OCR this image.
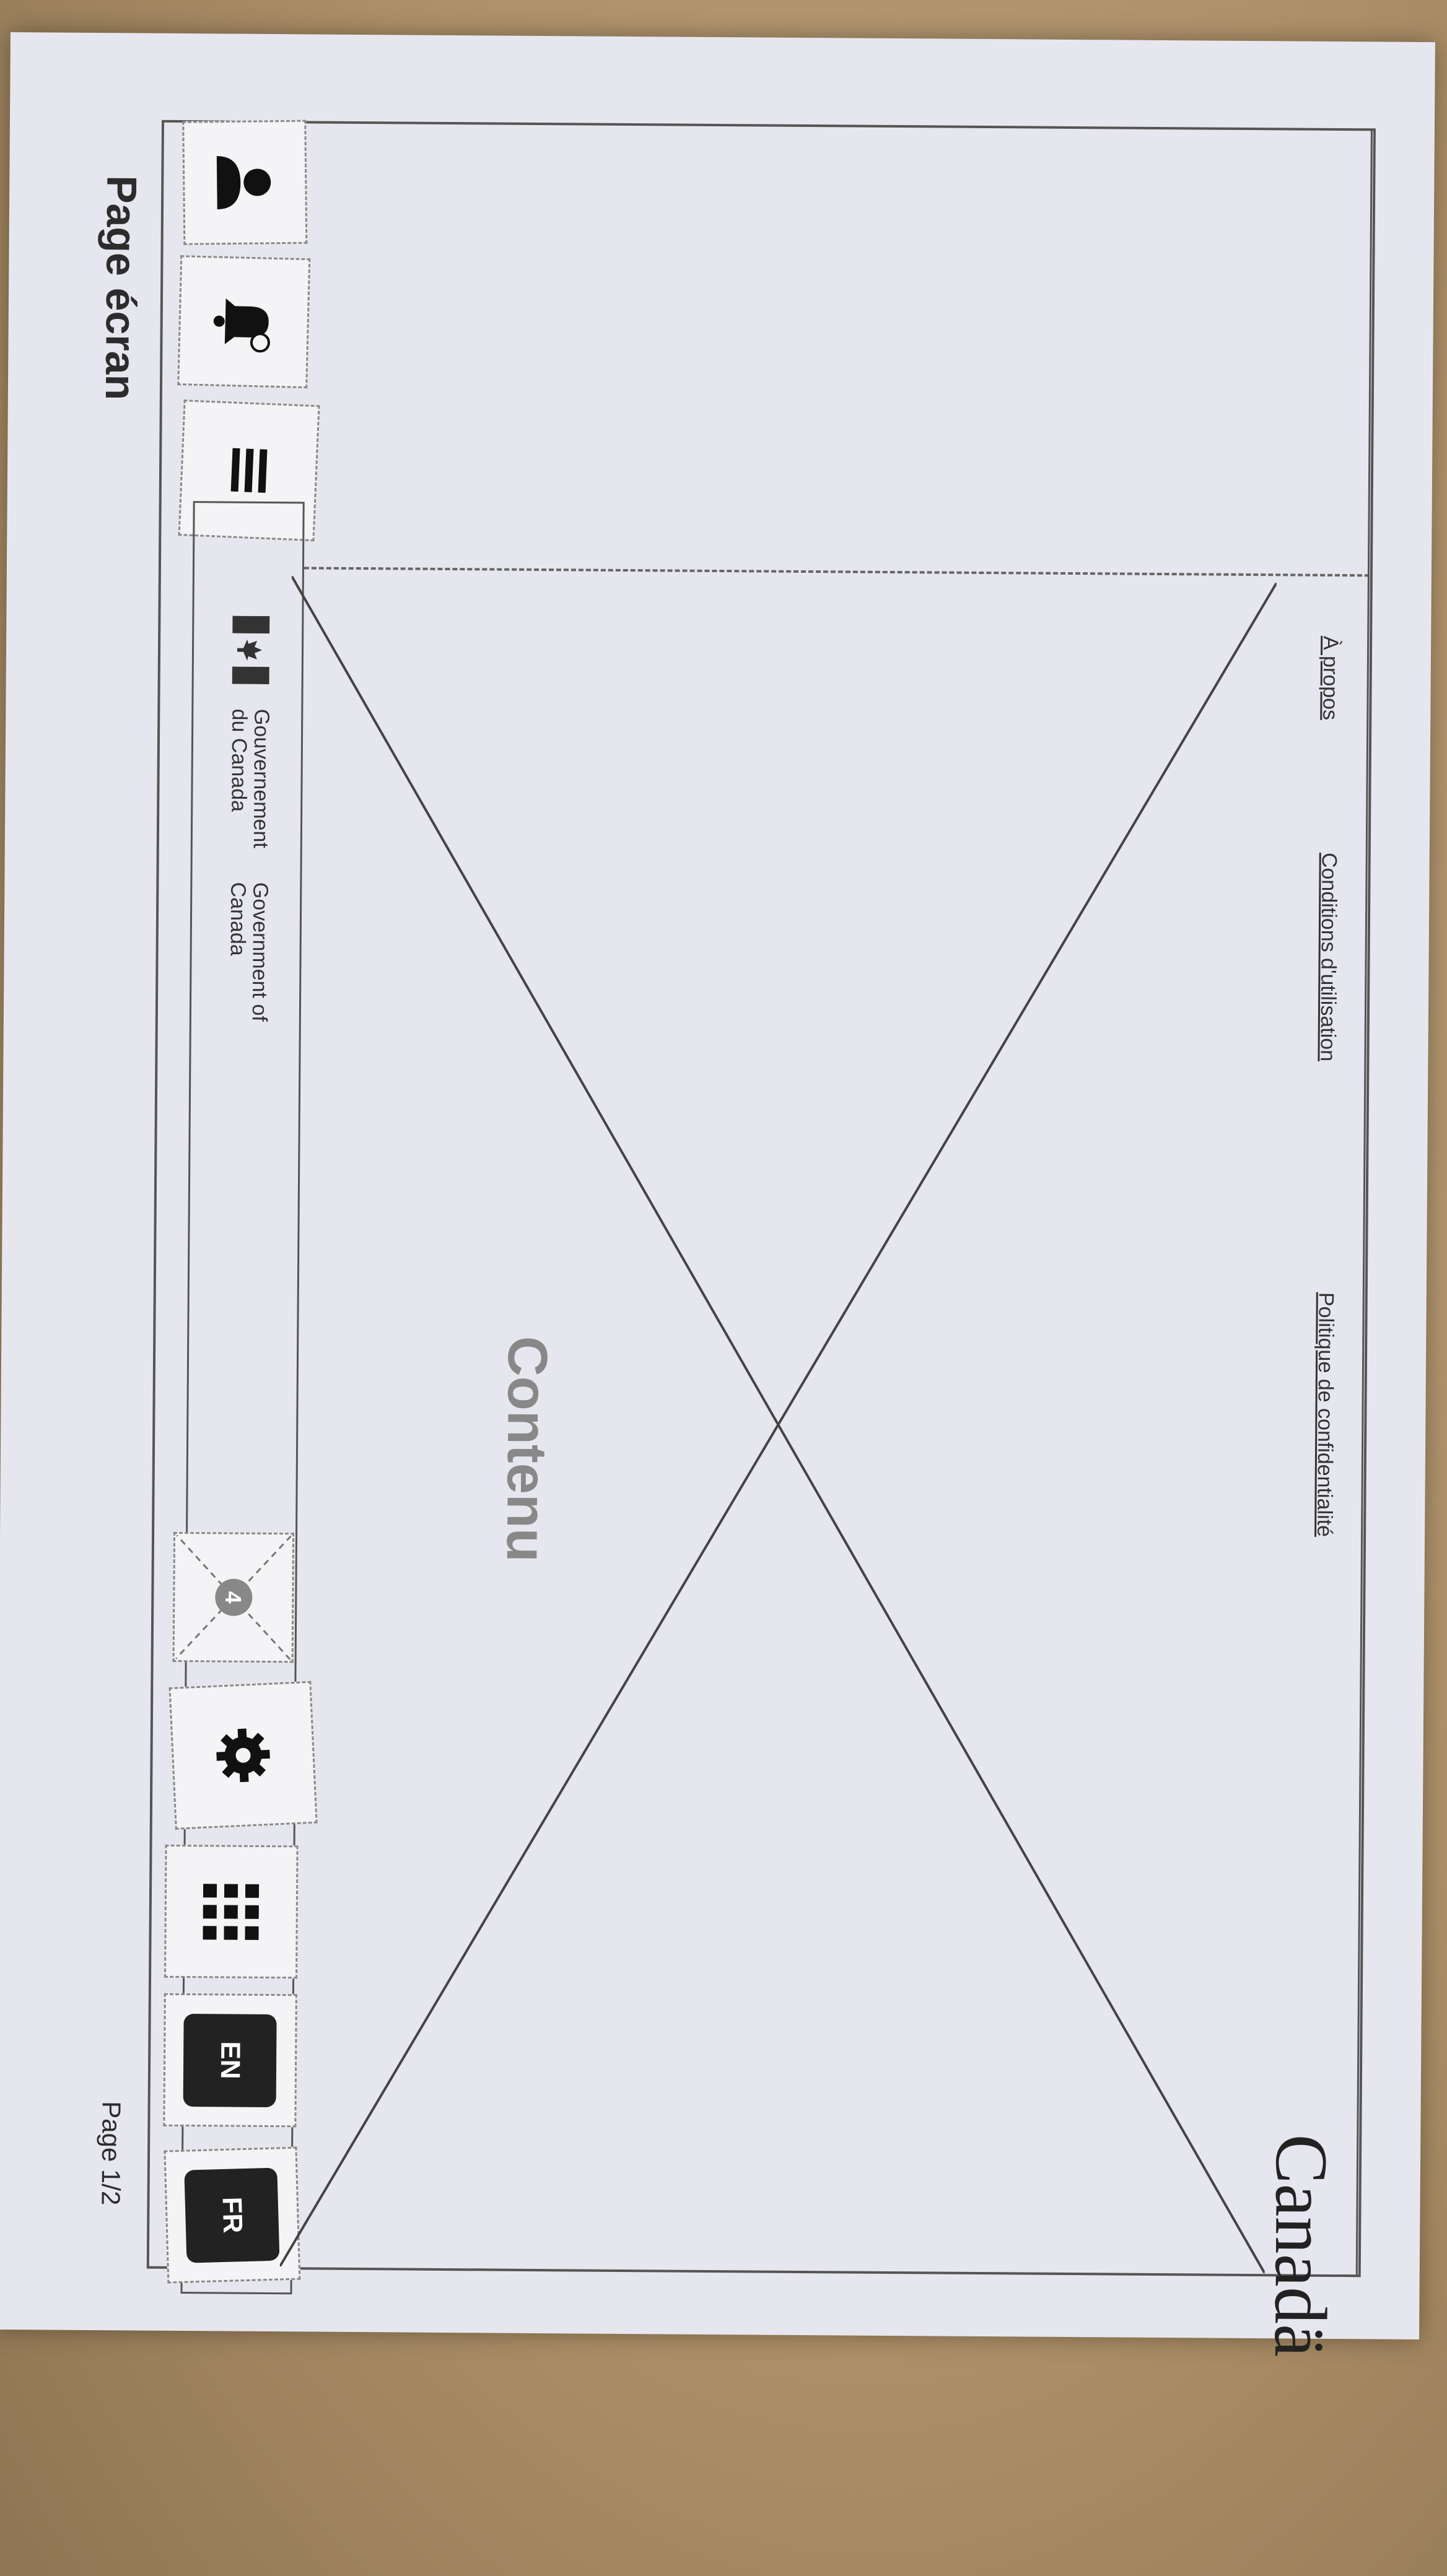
Page écran
Page 1/2
Gouvernement du Canada
Government of Canada
4
EN
FR
Contenu
À propos
Conditions d'utilisation
Politique de confidentialité
Canadä
